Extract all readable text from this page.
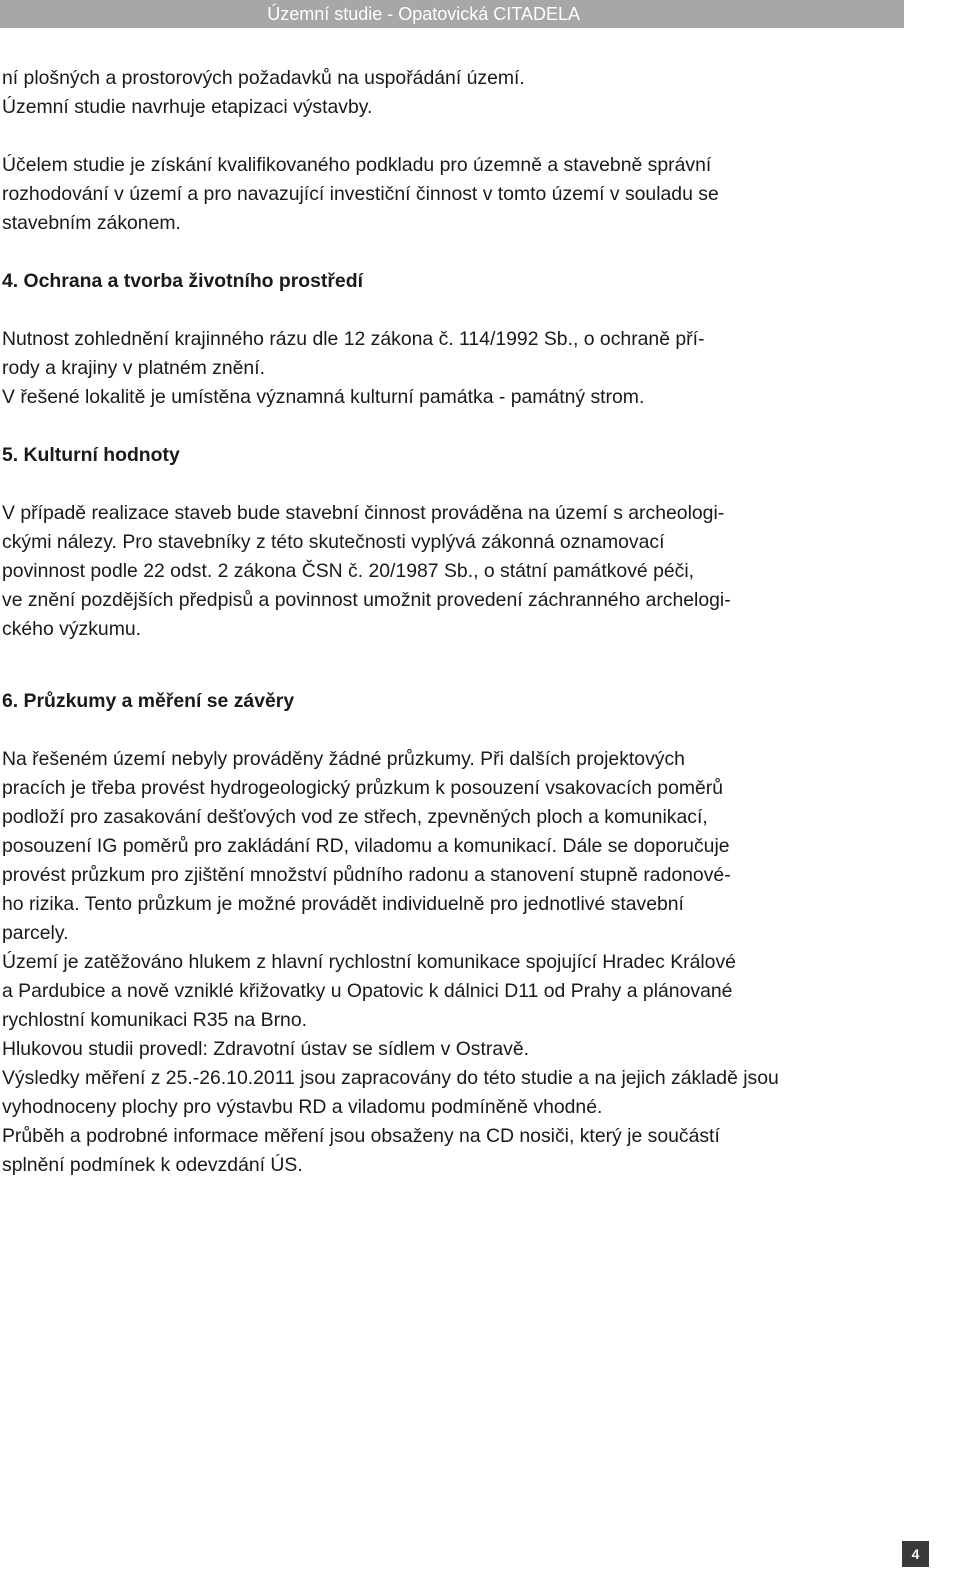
Územní studie - Opatovická CITADELA

ní plošných a prostorových požadavků na uspořádání území.

Územní studie navrhuje etapizaci výstavby.

Účelem studie je získání kvalifikovaného podkladu pro územně a stavebně správní

rozhodování v území a pro navazující investiční činnost v tomto území v souladu se

stavebním zákonem.

4. Ochrana a tvorba životního prostředí

Nutnost zohlednění krajinného rázu dle 12 zákona č. 114/1992 Sb., o ochraně pří-

rody a krajiny v platném znění.

V řešené lokalitě je umístěna významná kulturní památka - památný strom.

5. Kulturní hodnoty

V případě realizace staveb bude stavební činnost prováděna na území s archeologi-

ckými nálezy. Pro stavebníky z této skutečnosti vyplývá zákonná oznamovací

povinnost podle 22 odst. 2 zákona ČSN č. 20/1987 Sb., o státní památkové péči,

ve znění pozdějších předpisů a povinnost umožnit provedení záchranného archelogi-

ckého výzkumu.

6. Průzkumy a měření se závěry

Na řešeném území nebyly prováděny žádné průzkumy. Při dalších projektových

pracích je třeba provést hydrogeologický průzkum k posouzení vsakovacích poměrů

podloží pro zasakování dešťových vod ze střech, zpevněných ploch a komunikací,

posouzení IG poměrů pro zakládání RD, viladomu a komunikací. Dále se doporučuje

provést průzkum pro zjištění množství půdního radonu a stanovení stupně radonové-

ho rizika. Tento průzkum je možné provádět individuelně pro jednotlivé stavební

parcely.

Území je zatěžováno hlukem z hlavní rychlostní komunikace spojující Hradec Králové

a Pardubice a nově vzniklé křižovatky u Opatovic k dálnici D11 od Prahy a plánované

rychlostní komunikaci R35 na Brno.

Hlukovou studii provedl: Zdravotní ústav se sídlem v Ostravě.

Výsledky měření z 25.-26.10.2011 jsou zapracovány do této studie a na jejich základě jsou

vyhodnoceny plochy pro výstavbu RD a viladomu podmíněně vhodné.

Průběh a podrobné informace měření jsou obsaženy na CD nosiči, který je součástí

splnění podmínek k odevzdání ÚS.

4
